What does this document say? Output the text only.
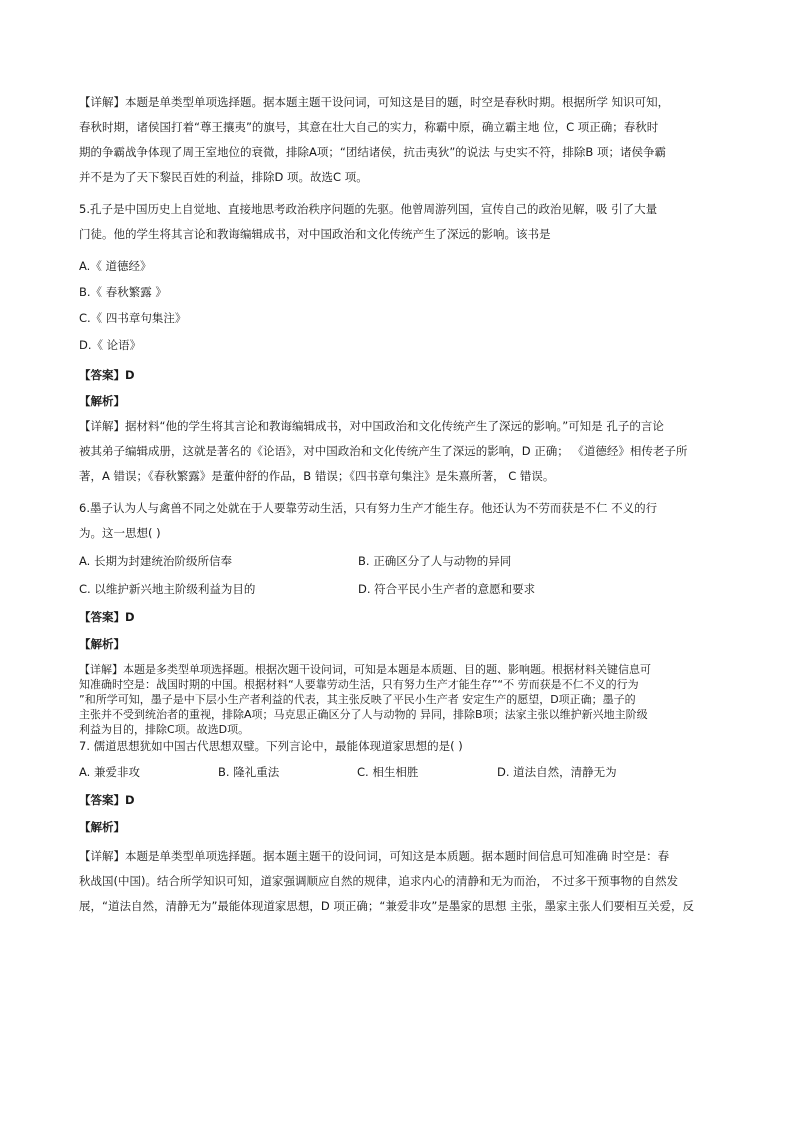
【详解】本题是单类型单项选择题。据本题主题干设问词，可知这是目的题，时空是春秋时期。根据所学 知识可知，
春秋时期，诸侯国打着“尊王攘夷”的旗号，其意在壮大自己的实力，称霸中原，确立霸主地 位，C 项正确；春秋时
期的争霸战争体现了周王室地位的衰微，排除A项；“团结诸侯，抗击夷狄”的说法 与史实不符，排除B 项；诸侯争霸
并不是为了天下黎民百姓的利益，排除D 项。故选C 项。
5.孔子是中国历史上自觉地、直接地思考政治秩序问题的先驱。他曾周游列国，宣传自己的政治见解，吸 引了大量
门徒。他的学生将其言论和教诲编辑成书，对中国政治和文化传统产生了深远的影响。该书是
A.《 道德经》
B.《 春秋繁露 》
C.《 四书章句集注》
D.《 论语》
【答案】D
【解析】
【详解】据材料“他的学生将其言论和教诲编辑成书，对中国政治和文化传统产生了深远的影响。”可知是 孔子的言论
被其弟子编辑成册，这就是著名的《论语》，对中国政治和文化传统产生了深远的影响，D 正确； 《道德经》相传老子所
著，A 错误；《春秋繁露》是董仲舒的作品，B 错误；《四书章句集注》是朱熹所著， C 错误。
6.墨子认为人与禽兽不同之处就在于人要靠劳动生活，只有努力生产才能生存。他还认为不劳而获是不仁 不义的行
为。这一思想( )
A. 长期为封建统治阶级所信奉	B. 正确区分了人与动物的异同
C. 以维护新兴地主阶级利益为目的	D. 符合平民小生产者的意愿和要求
【答案】D
【解析】
【详解】本题是多类型单项选择题。根据次题干设问词，可知是本题是本质题、目的题、影响题。根据材料关键信息可
知准确时空是：战国时期的中国。根据材料“人要靠劳动生活，只有努力生产才能生存”“不 劳而获是不仁不义的行为
”和所学可知，墨子是中下层小生产者利益的代表，其主张反映了平民小生产者 安定生产的愿望，D项正确；墨子的
主张并不受到统治者的重视，排除A项；马克思正确区分了人与动物的 异同，排除B项；法家主张以维护新兴地主阶级
利益为目的，排除C项。故选D项。
7. 儒道思想犹如中国古代思想双璧。下列言论中，最能体现道家思想的是( )
A. 兼爱非攻	B. 隆礼重法	C. 相生相胜	D. 道法自然，清静无为
【答案】D
【解析】
【详解】本题是单类型单项选择题。据本题主题干的设问词，可知这是本质题。据本题时间信息可知准确 时空是：春
秋战国(中国)。结合所学知识可知，道家强调顺应自然的规律，追求内心的清静和无为而治， 不过多干预事物的自然发
展，“道法自然，清静无为”最能体现道家思想，D 项正确；“兼爱非攻”是墨家的思想 主张，墨家主张人们要相互关爱，反
